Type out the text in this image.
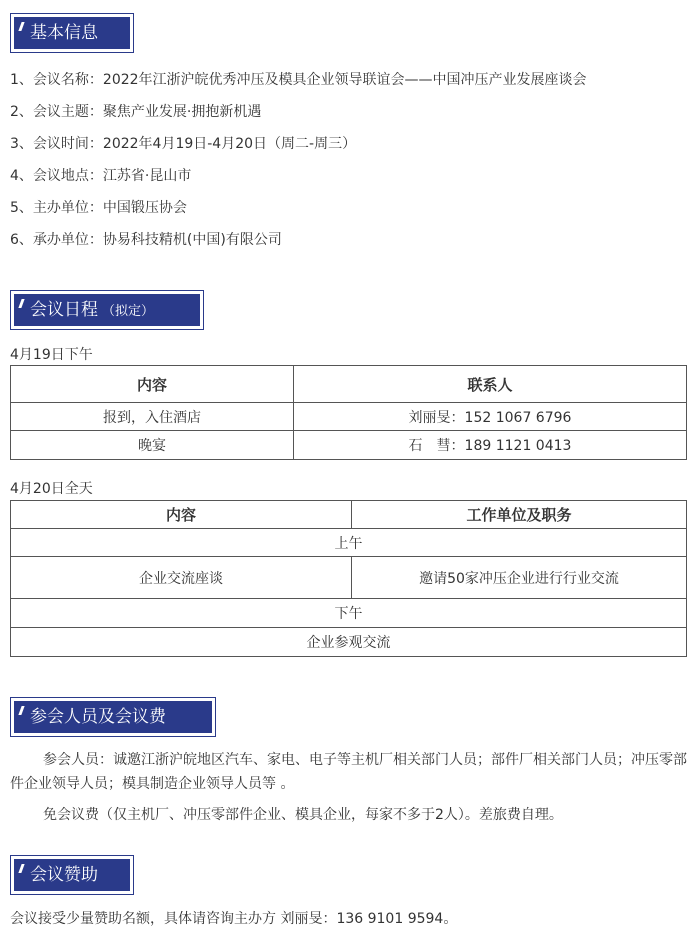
基本信息
1、会议名称：2022年江浙沪皖优秀冲压及模具企业领导联谊会——中国冲压产业发展座谈会
2、会议主题：聚焦产业发展·拥抱新机遇
3、会议时间：2022年4月19日-4月20日（周二-周三）
4、会议地点：江苏省·昆山市
5、主办单位：中国锻压协会
6、承办单位：协易科技精机(中国)有限公司
会议日程 （拟定）
4月19日下午
内容	联系人
报到，入住酒店	刘丽旻：152 1067 6796
晚宴	石　彗：189 1121 0413
4月20日全天
内容	工作单位及职务
上午	
企业交流座谈	邀请50家冲压企业进行行业交流
下午	
企业参观交流	
参会人员及会议费
参会人员：诚邀江浙沪皖地区汽车、家电、电子等主机厂相关部门人员；部件厂相关部门人员；冲压零部件企业领导人员；模具制造企业领导人员等 。
免会议费（仅主机厂、冲压零部件企业、模具企业，每家不多于2人）。差旅费自理。
会议赞助
会议接受少量赞助名额，具体请咨询主办方 刘丽旻：136 9101 9594。
